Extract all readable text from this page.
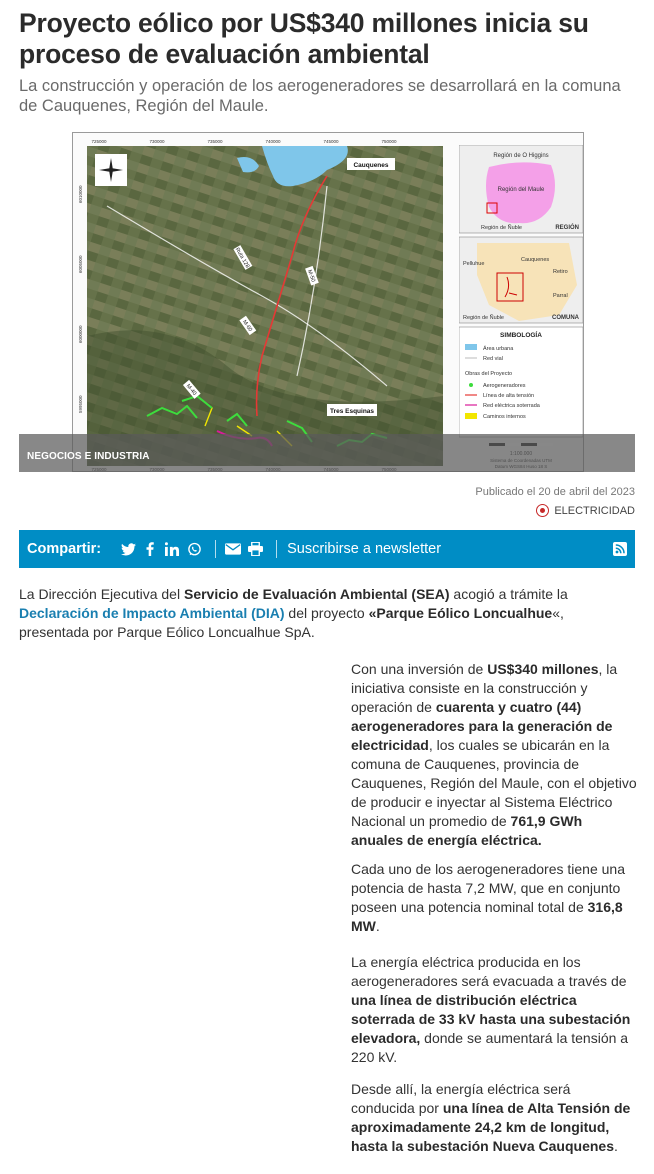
Proyecto eólico por US$340 millones inicia su proceso de evaluación ambiental

La construcción y operación de los aerogeneradores se desarrollará en la comuna de Cauquenes, Región del Maule.

Cauquenes
Tres Esquinas
Ruta 128
M-50
M-60
M-40
725000	730000	735000	740000	745000	750000
6010000
6005000
6000000
5995000
Región de O Higgins
Región del Maule
Región de Ñuble	REGIÓN
Pelluhue
Cauquenes
Retiro
Parral
Región de Ñuble	COMUNA
SIMBOLOGÍA
Área urbana
Red vial
Obras del Proyecto
Aerogeneradores
Línea de alta tensión
Red eléctrica soterrada
Caminos internos
NEGOCIOS E INDUSTRIA
Publicado el 20 de abril del 2023
ELECTRICIDAD
Compartir:	Suscribirse a newsletter

La Dirección Ejecutiva del Servicio de Evaluación Ambiental (SEA) acogió a trámite la Declaración de Impacto Ambiental (DIA) del proyecto «Parque Eólico Loncualhue«, presentada por Parque Eólico Loncualhue SpA.

Con una inversión de US$340 millones, la iniciativa consiste en la construcción y operación de cuarenta y cuatro (44) aerogeneradores para la generación de electricidad, los cuales se ubicarán en la comuna de Cauquenes, provincia de Cauquenes, Región del Maule, con el objetivo de producir e inyectar al Sistema Eléctrico Nacional un promedio de 761,9 GWh anuales de energía eléctrica.

Cada uno de los aerogeneradores tiene una potencia de hasta 7,2 MW, que en conjunto poseen una potencia nominal total de 316,8 MW.

La energía eléctrica producida en los aerogeneradores será evacuada a través de una línea de distribución eléctrica soterrada de 33 kV hasta una subestación elevadora, donde se aumentará la tensión a 220 kV.

Desde allí, la energía eléctrica será conducida por una línea de Alta Tensión de aproximadamente 24,2 km de longitud, hasta la subestación Nueva Cauquenes.
